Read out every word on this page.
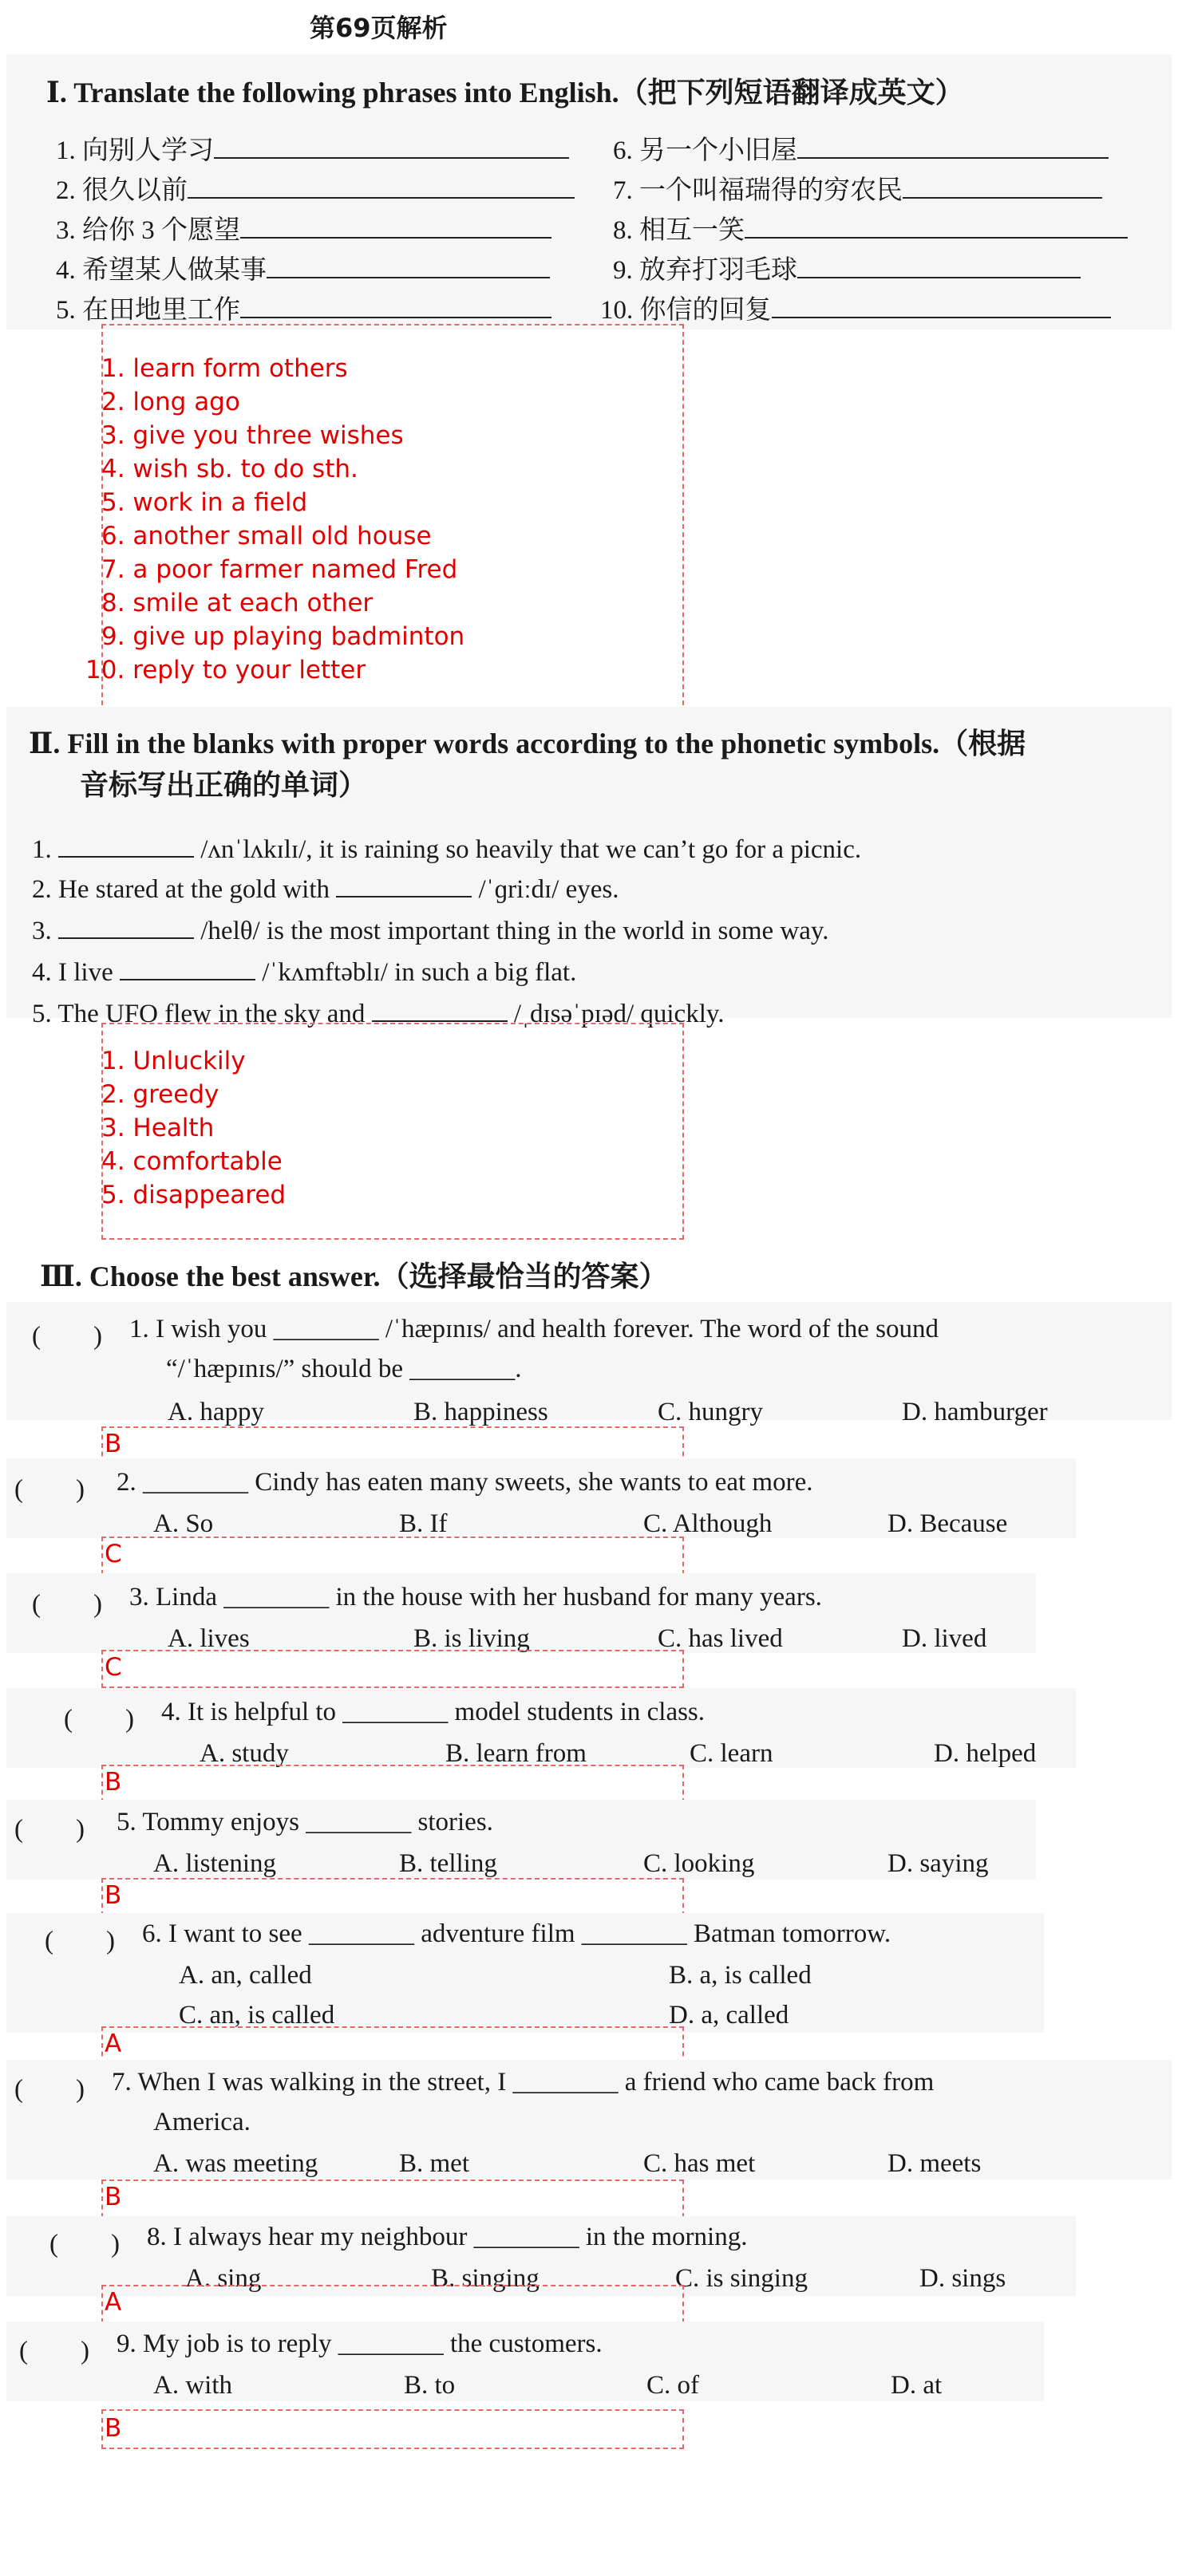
第69页解析
Ⅰ. Translate the following phrases into English.（把下列短语翻译成英文）
1. 向别人学习
2. 很久以前
3. 给你 3 个愿望
4. 希望某人做某事
5. 在田地里工作
6. 另一个小旧屋
7. 一个叫福瑞得的穷农民
8. 相互一笑
9. 放弃打羽毛球
10. 你信的回复
1. learn form others
2. long ago
3. give you three wishes
4. wish sb. to do sth.
5. work in a field
6. another small old house
7. a poor farmer named Fred
8. smile at each other
9. give up playing badminton
10. reply to your letter
Ⅱ. Fill in the blanks with proper words according to the phonetic symbols.（根据
音标写出正确的单词）
1.	/ʌnˈlʌkɪlɪ/, it is raining so heavily that we can’t go for a picnic.
2. He stared at the gold with	/ˈɡriːdɪ/ eyes.
3.	/helθ/ is the most important thing in the world in some way.
4. I live	/ˈkʌmftəblɪ/ in such a big flat.
5. The UFO flew in the sky and	/ˌdɪsəˈpɪəd/ quickly.
1. Unluckily
2. greedy
3. Health
4. comfortable
5. disappeared
Ⅲ. Choose the best answer.（选择最恰当的答案）
(　　) 1. I wish you ________ /ˈhæpɪnɪs/ and health forever. The word of the sound
“/ˈhæpɪnɪs/” should be ________.
A. happy	B. happiness	C. hungry	D. hamburger
B
(　　) 2. ________ Cindy has eaten many sweets, she wants to eat more.
A. So	B. If	C. Although	D. Because
C
(　　) 3. Linda ________ in the house with her husband for many years.
A. lives	B. is living	C. has lived	D. lived
C
(　　) 4. It is helpful to ________ model students in class.
A. study	B. learn from	C. learn	D. helped
B
(　　) 5. Tommy enjoys ________ stories.
A. listening	B. telling	C. looking	D. saying
B
(　　) 6. I want to see ________ adventure film ________ Batman tomorrow.
A. an, called	B. a, is called
C. an, is called	D. a, called
A
(　　) 7. When I was walking in the street, I ________ a friend who came back from
America.
A. was meeting	B. met	C. has met	D. meets
B
(　　) 8. I always hear my neighbour ________ in the morning.
A. sing	B. singing	C. is singing	D. sings
A
(　　) 9. My job is to reply ________ the customers.
A. with	B. to	C. of	D. at
B
